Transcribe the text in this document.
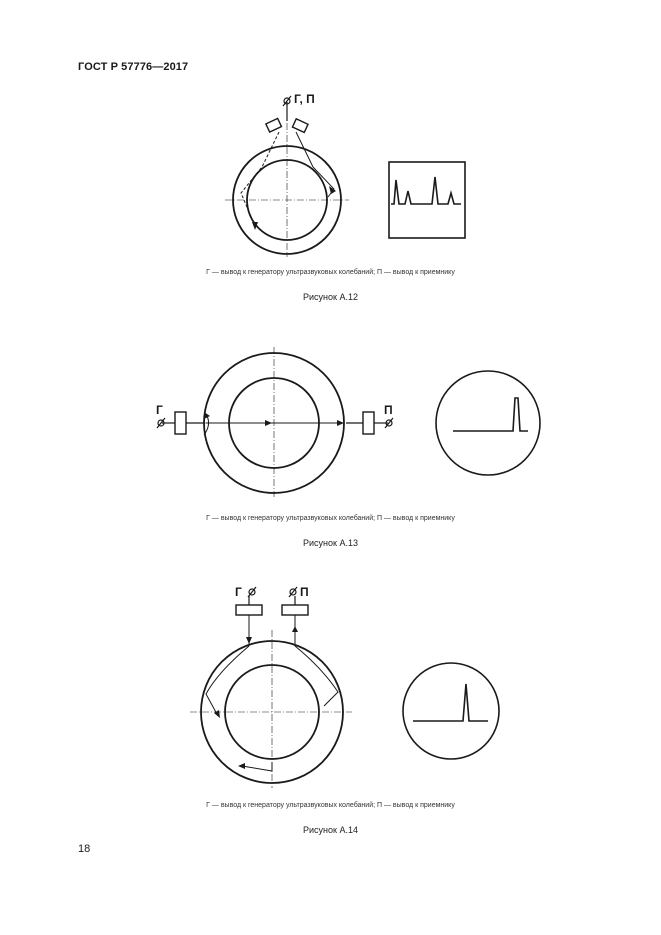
ГОСТ Р 57776—2017
Г, П
Г — вывод к генератору ультразвуковых колебаний; П — вывод к приемнику
Рисунок А.12
Г	П
Г — вывод к генератору ультразвуковых колебаний; П — вывод к приемнику
Рисунок А.13
Г	П
Г — вывод к генератору ультразвуковых колебаний; П — вывод к приемнику
Рисунок А.14
18
